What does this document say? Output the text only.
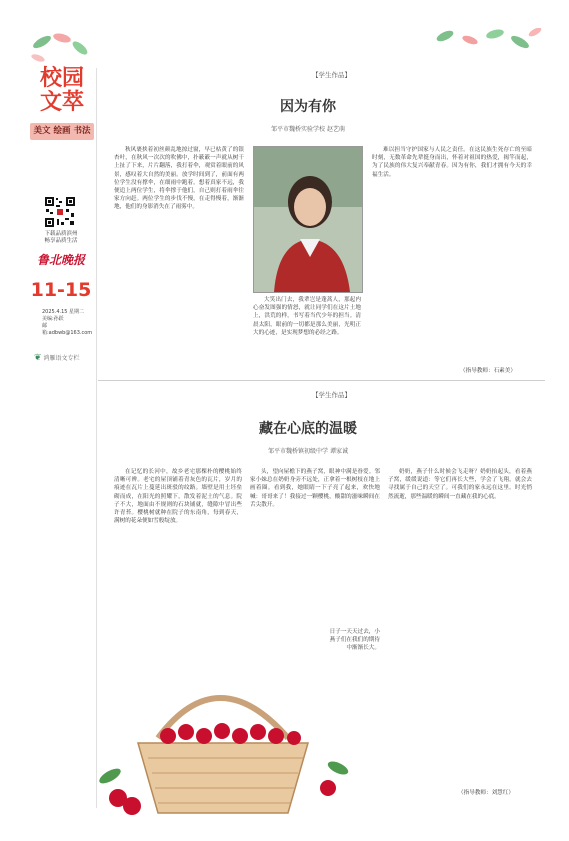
校园文萃
美文 绘画 书法
下载品质滨州
畅享品质生活
鲁北晚报
11-15
2025.4.15 星期二
美编:孙跃
邮箱:adbwb@163.com
❦ 鸿雁语文专栏
【学生作品】
因为有你
邹平市魏桥实验学校 赵艺萌
秋风裹挟着初丝颜乱地掠过窗，早已枯黄了的银杏叶，在秋风一次次的吹佛中，扑簌簌一声就从树干上扯了下来，片片翻落，我打着伞，观赏着眼前的风景，感叹着大自然的美丽。放学时间到了，前面有两位学生没有撑伞，在细雨中跑着。想着真家不远，我便追上两位学生，将伞撑于他们，自己则打着雨伞往家方向赶。两位学生的步伐不慢，在走得慢着，渐渐地，他们的身影消失在了雨雾中。
大笑出门去，我辈岂是蓬蒿人，那起内心奋发图强的情怒，就让同学们在这片土地上，洪荒的样，书写着当代少年的担当。清晨太阳，眼前的一切都是那么美丽，光明正大的心迹，是实现梦想的必经之路。
难以担当守护国家与人民之责任。在这民族生死存亡的至暗时刻，无数革命先辈挺身而出，怀着对祖国的热爱，揭竿而起，为了民族的伟大复兴奉献青春。因为有你，我们才拥有今天的幸福生活。
（指导教师：石素美）
【学生作品】
藏在心底的温暖
邹平市魏桥镇初级中学 谭家诚
在记忆的长河中，故乡老宅那棵朴的樱桃始终清晰可辨。老宅的屋顶铺着青灰色的瓦片，岁月的痕迹在瓦片上蔓延出斑驳的纹路。墙壁是用土坯垒砌而成，在阳光的照耀下，散发着泥土的气息。院子不大，地面由不规则的石块铺就，缝隙中冒出些许青苔。樱桃树就种在院子的东南角，每到春天，满树的花朵便如雪般绽放。
头，望向屋檐下的燕子窝，眼神中满是眷爱。邻家小妹总在奶奶身旁不远处，正拿着一根树枝在地上画着圈。看到我，她眼睛一下子亮了起来，欢快地喊：哥哥来了！我接过一颗樱桃，酸甜的滋味瞬间在舌尖散开。
奶奶，燕子什么时候会飞走呀？奶奶抬起头，看着燕子窝，缓缓说道：等它们再长大些，学会了飞翔，就会去寻找属于自己的天空了。可我们的家永远在这里。时光悄然流逝，那些温暖的瞬间一直藏在我的心底。
日子一天天过去，小燕子们在我们的期待中渐渐长大。
（指导教师：刘慧红）
